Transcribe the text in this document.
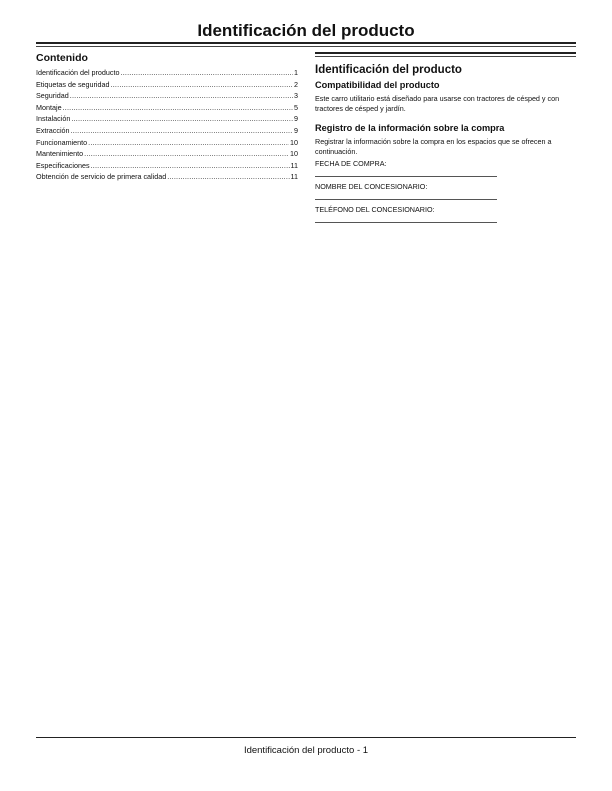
Identificación del producto
Contenido
Identificación del producto .....	1
Etiquetas de seguridad .....	2
Seguridad .....	3
Montaje .....	5
Instalación .....	9
Extracción .....	9
Funcionamiento .....	10
Mantenimiento .....	10
Especificaciones .....	11
Obtención de servicio de primera calidad .....	11
Identificación del producto
Compatibilidad del producto

Este carro utilitario está diseñado para usarse con tractores de césped y con tractores de césped y jardín.

Registro de la información sobre la compra

Registrar la información sobre la compra en los espacios que se ofrecen a continuación.

FECHA DE COMPRA:

NOMBRE DEL CONCESIONARIO:

TELÉFONO DEL CONCESIONARIO:

Identificación del producto - 1
